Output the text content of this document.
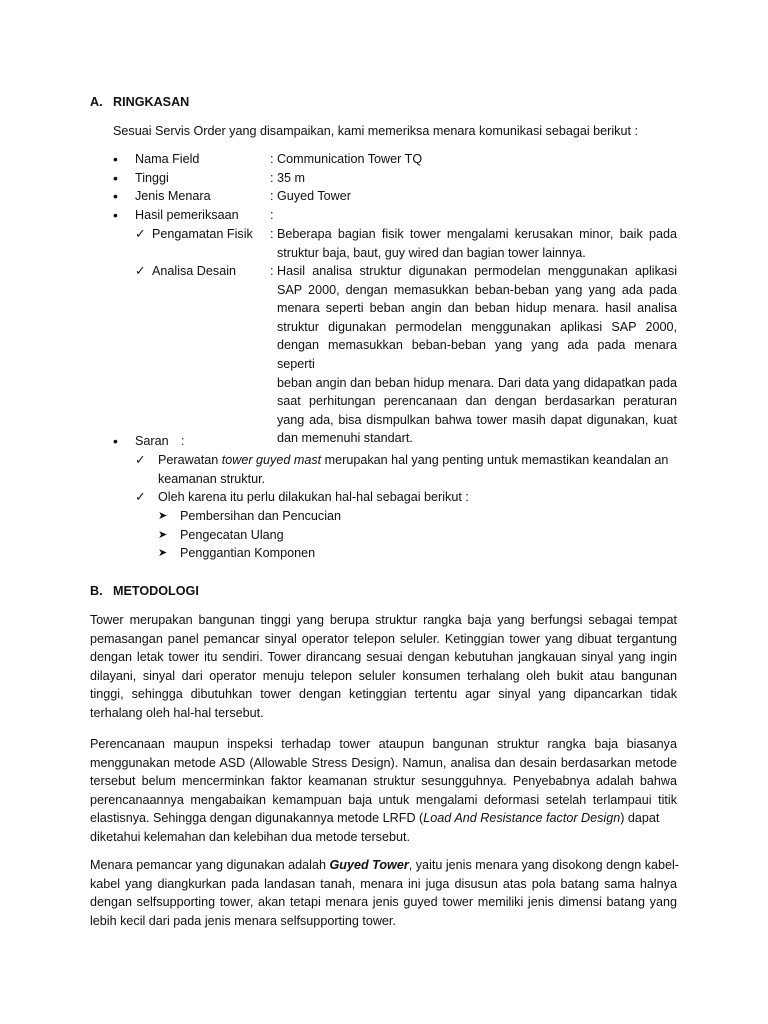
A. RINGKASAN
Sesuai Servis Order yang disampaikan, kami memeriksa menara komunikasi sebagai berikut :
• Nama Field	: Communication Tower TQ
• Tinggi	: 35 m
• Jenis Menara	: Guyed Tower
• Hasil pemeriksaan :
✓ Pengamatan Fisik : Beberapa bagian fisik tower mengalami kerusakan minor, baik pada
struktur baja, baut, guy wired dan bagian tower lainnya.
✓ Analisa Desain	: Hasil analisa struktur digunakan permodelan menggunakan aplikasi
SAP 2000, dengan memasukkan beban-beban yang yang ada pada
menara seperti beban angin dan beban hidup menara. hasil analisa
struktur digunakan permodelan menggunakan aplikasi SAP 2000,
dengan memasukkan beban-beban yang yang ada pada menara seperti
beban angin dan beban hidup menara. Dari data yang didapatkan pada
saat perhitungan perencanaan dan dengan berdasarkan peraturan
yang ada, bisa dismpulkan bahwa tower masih dapat digunakan, kuat
dan memenuhi standart.
• Saran :
✓ Perawatan tower guyed mast merupakan hal yang penting untuk memastikan keandalan an
keamanan struktur.
✓ Oleh karena itu perlu dilakukan hal-hal sebagai berikut :
➤ Pembersihan dan Pencucian
➤ Pengecatan Ulang
➤ Penggantian Komponen
B. METODOLOGI
Tower merupakan bangunan tinggi yang berupa struktur rangka baja yang berfungsi sebagai tempat
pemasangan panel pemancar sinyal operator telepon seluler. Ketinggian tower yang dibuat tergantung
dengan letak tower itu sendiri. Tower dirancang sesuai dengan kebutuhan jangkauan sinyal yang ingin
dilayani, sinyal dari operator menuju telepon seluler konsumen terhalang oleh bukit atau bangunan
tinggi, sehingga dibutuhkan tower dengan ketinggian tertentu agar sinyal yang dipancarkan tidak
terhalang oleh hal-hal tersebut.
Perencanaan maupun inspeksi terhadap tower ataupun bangunan struktur rangka baja biasanya
menggunakan metode ASD (Allowable Stress Design). Namun, analisa dan desain berdasarkan metode
tersebut belum mencerminkan faktor keamanan struktur sesungguhnya. Penyebabnya adalah bahwa
perencanaannya mengabaikan kemampuan baja untuk mengalami deformasi setelah terlampaui titik
elastisnya. Sehingga dengan digunakannya metode LRFD (Load And Resistance factor Design) dapat
diketahui kelemahan dan kelebihan dua metode tersebut.
Menara pemancar yang digunakan adalah Guyed Tower, yaitu jenis menara yang disokong dengn kabel-
kabel yang diangkurkan pada landasan tanah, menara ini juga disusun atas pola batang sama halnya
dengan selfsupporting tower, akan tetapi menara jenis guyed tower memiliki jenis dimensi batang yang
lebih kecil dari pada jenis menara selfsupporting tower.
